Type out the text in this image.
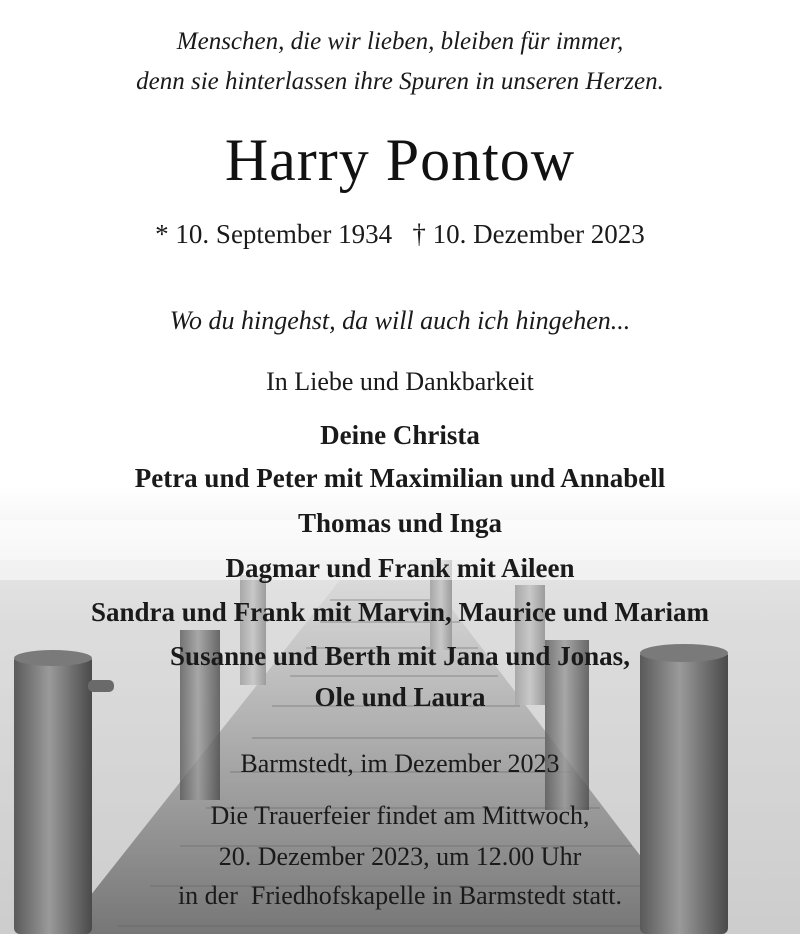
Menschen, die wir lieben, bleiben für immer,
denn sie hinterlassen ihre Spuren in unseren Herzen.
Harry Pontow
* 10. September 1934   † 10. Dezember 2023
Wo du hingehst, da will auch ich hingehen...
In Liebe und Dankbarkeit
Deine Christa
Petra und Peter mit Maximilian und Annabell
Thomas und Inga
Dagmar und Frank mit Aileen
Sandra und Frank mit Marvin, Maurice und Mariam
Susanne und Berth mit Jana und Jonas,
Ole und Laura
Barmstedt, im Dezember 2023
Die Trauerfeier findet am Mittwoch,
20. Dezember 2023, um 12.00 Uhr
in der  Friedhofskapelle in Barmstedt statt.
